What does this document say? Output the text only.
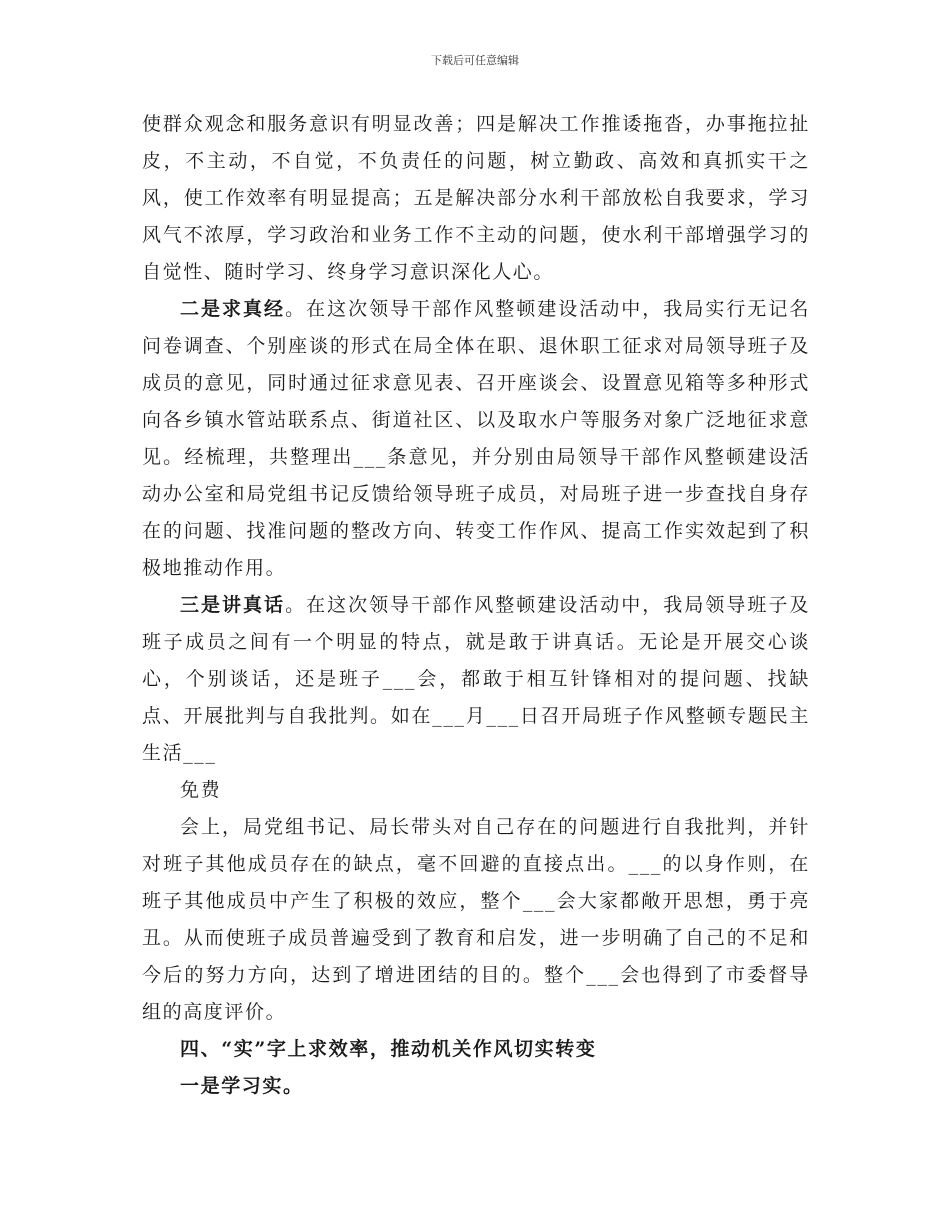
下载后可任意编辑

使群众观念和服务意识有明显改善；四是解决工作推诿拖沓，办事拖拉扯皮，不主动，不自觉，不负责任的问题，树立勤政、高效和真抓实干之风，使工作效率有明显提高；五是解决部分水利干部放松自我要求，学习风气不浓厚，学习政治和业务工作不主动的问题，使水利干部增强学习的自觉性、随时学习、终身学习意识深化人心。

二是求真经。在这次领导干部作风整顿建设活动中，我局实行无记名问卷调查、个别座谈的形式在局全体在职、退休职工征求对局领导班子及成员的意见，同时通过征求意见表、召开座谈会、设置意见箱等多种形式向各乡镇水管站联系点、街道社区、以及取水户等服务对象广泛地征求意见。经梳理，共整理出___条意见，并分别由局领导干部作风整顿建设活动办公室和局党组书记反馈给领导班子成员，对局班子进一步查找自身存在的问题、找准问题的整改方向、转变工作作风、提高工作实效起到了积极地推动作用。

三是讲真话。在这次领导干部作风整顿建设活动中，我局领导班子及班子成员之间有一个明显的特点，就是敢于讲真话。无论是开展交心谈心，个别谈话，还是班子___会，都敢于相互针锋相对的提问题、找缺点、开展批判与自我批判。如在___月___日召开局班子作风整顿专题民主生活___

免费

会上，局党组书记、局长带头对自己存在的问题进行自我批判，并针对班子其他成员存在的缺点，毫不回避的直接点出。___的以身作则，在班子其他成员中产生了积极的效应，整个___会大家都敞开思想，勇于亮丑。从而使班子成员普遍受到了教育和启发，进一步明确了自己的不足和今后的努力方向，达到了增进团结的目的。整个___会也得到了市委督导组的高度评价。

四、“实”字上求效率，推动机关作风切实转变

一是学习实。
